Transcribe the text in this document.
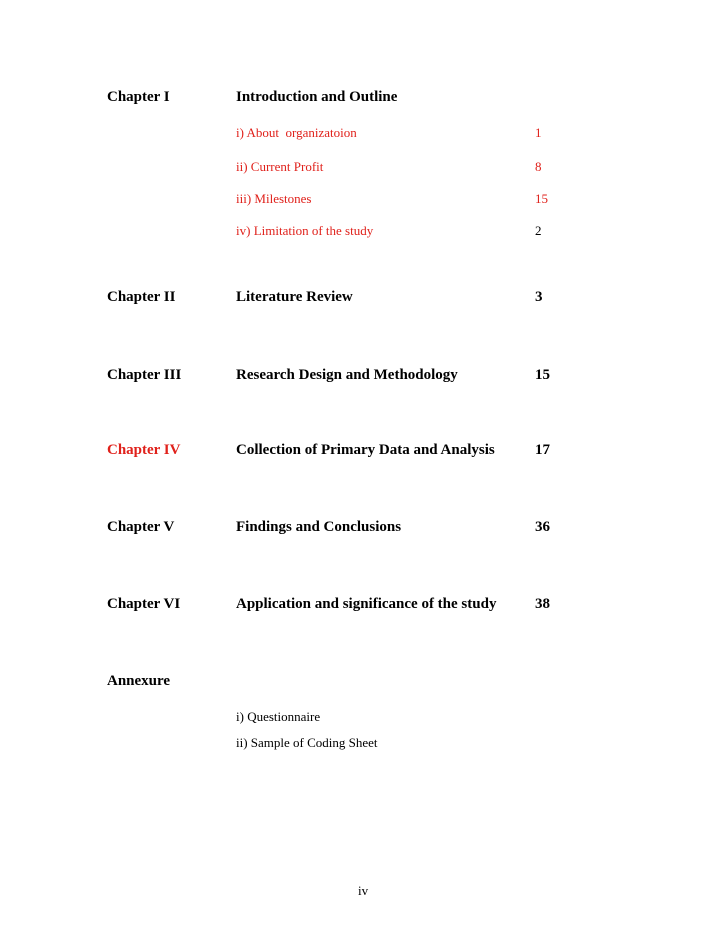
Chapter I	Introduction and Outline
i) About  organizatoion	1
ii) Current Profit	8
iii) Milestones	15
iv) Limitation of the study	2
Chapter II	Literature Review	3
Chapter III	Research Design and Methodology	15
Chapter IV	Collection of Primary Data and Analysis	17
Chapter V	Findings and Conclusions	36
Chapter VI	Application and significance of the study	38
Annexure
i) Questionnaire
ii) Sample of Coding Sheet
iv
